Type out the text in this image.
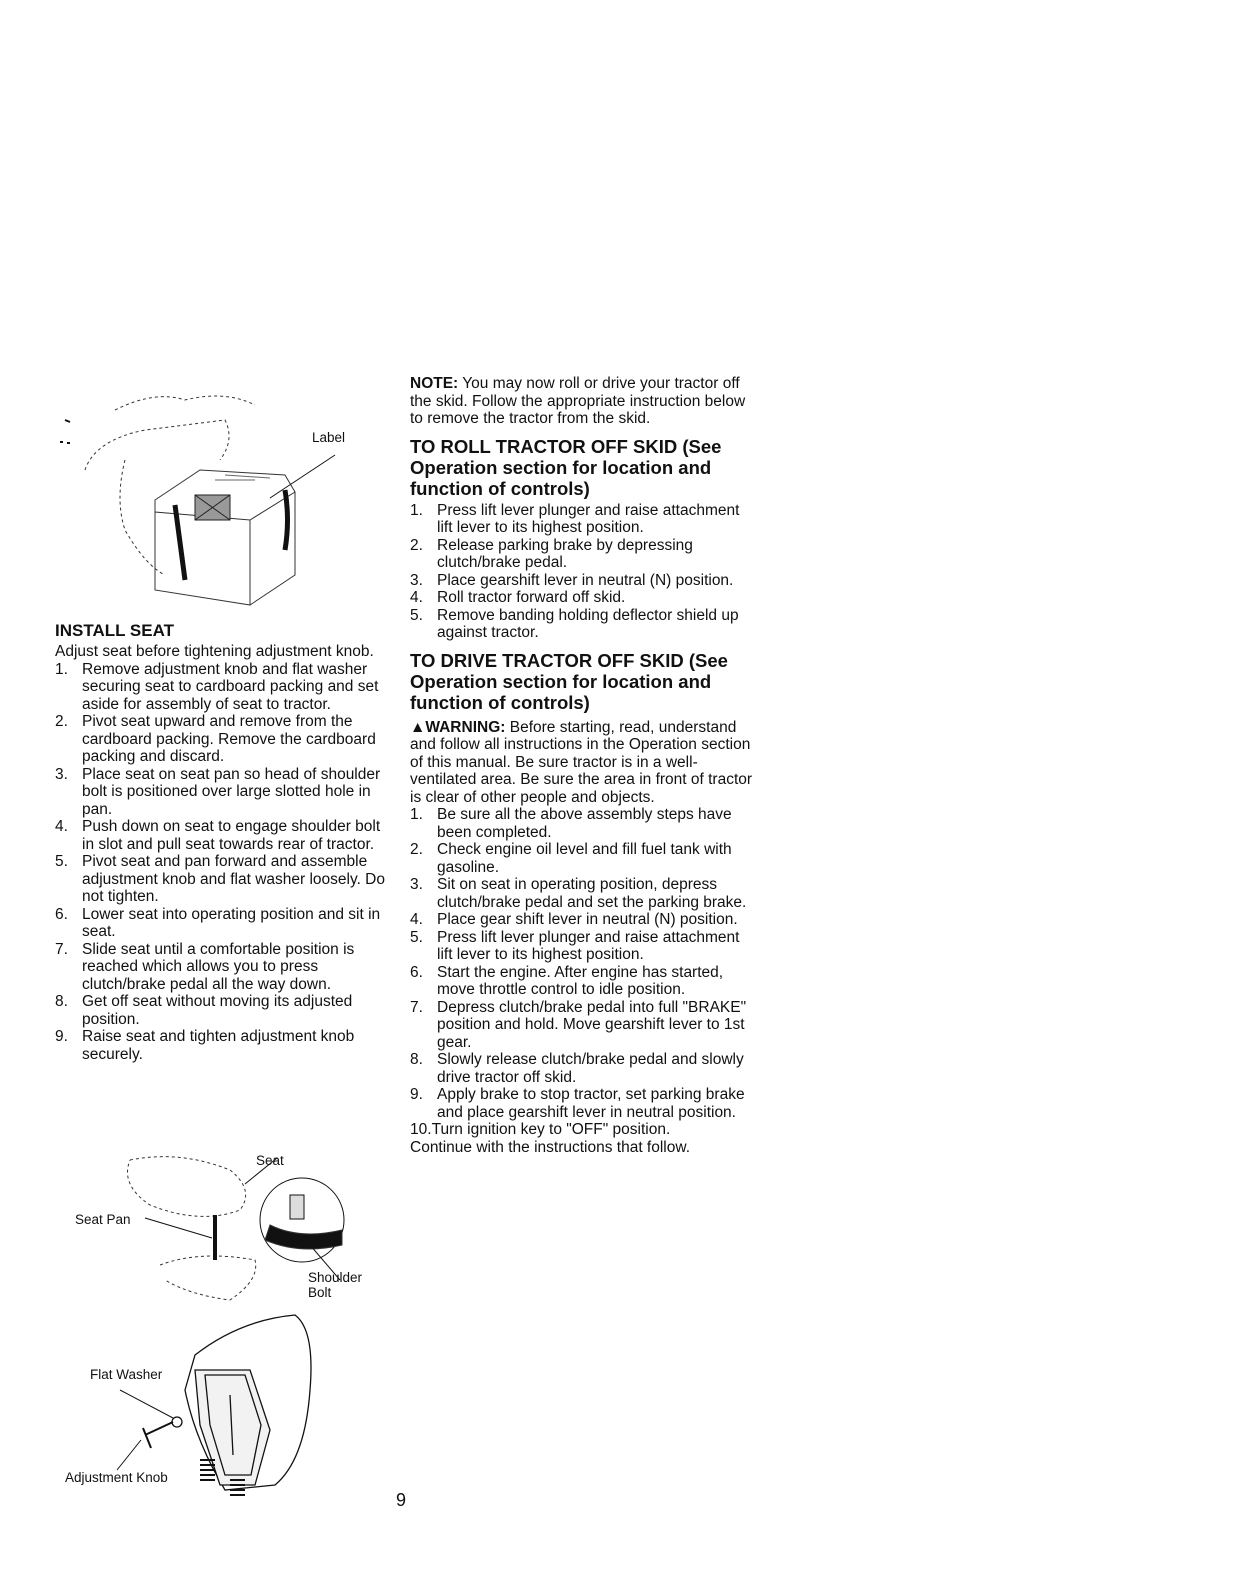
Label
INSTALL SEAT

Adjust seat before tightening adjustment knob.

1. Remove adjustment knob and flat washer securing seat to cardboard packing and set aside for assembly of seat to tractor.
2. Pivot seat upward and remove from the cardboard packing. Remove the cardboard packing and discard.
3. Place seat on seat pan so head of shoulder bolt is positioned over large slotted hole in pan.
4. Push down on seat to engage shoulder bolt in slot and pull seat towards rear of tractor.
5. Pivot seat and pan forward and assemble adjustment knob and flat washer loosely. Do not tighten.
6. Lower seat into operating position and sit in seat.
7. Slide seat until a comfortable position is reached which allows you to press clutch/brake pedal all the way down.
8. Get off seat without moving its adjusted position.
9. Raise seat and tighten adjustment knob securely.
Seat
Seat Pan
Shoulder
Bolt
Flat Washer
Adjustment Knob

NOTE: You may now roll or drive your tractor off the skid. Follow the appropriate instruction below to remove the tractor from the skid.

TO ROLL TRACTOR OFF SKID (See Operation section for location and function of controls)
1. Press lift lever plunger and raise attachment lift lever to its highest position.
2. Release parking brake by depressing clutch/brake pedal.
3. Place gearshift lever in neutral (N) position.
4. Roll tractor forward off skid.
5. Remove banding holding deflector shield up against tractor.
TO DRIVE TRACTOR OFF SKID (See Operation section for location and function of controls)

▲WARNING: Before starting, read, understand and follow all instructions in the Operation section of this manual. Be sure tractor is in a well-ventilated area. Be sure the area in front of tractor is clear of other people and objects.

1. Be sure all the above assembly steps have been completed.
2. Check engine oil level and fill fuel tank with gasoline.
3. Sit on seat in operating position, depress clutch/brake pedal and set the parking brake.
4. Place gear shift lever in neutral (N) position.
5. Press lift lever plunger and raise attachment lift lever to its highest position.
6. Start the engine. After engine has started, move throttle control to idle position.
7. Depress clutch/brake pedal into full "BRAKE" position and hold. Move gearshift lever to 1st gear.
8. Slowly release clutch/brake pedal and slowly drive tractor off skid.
9. Apply brake to stop tractor, set parking brake and place gearshift lever in neutral position.
10.Turn ignition key to "OFF" position.

Continue with the instructions that follow.

9
